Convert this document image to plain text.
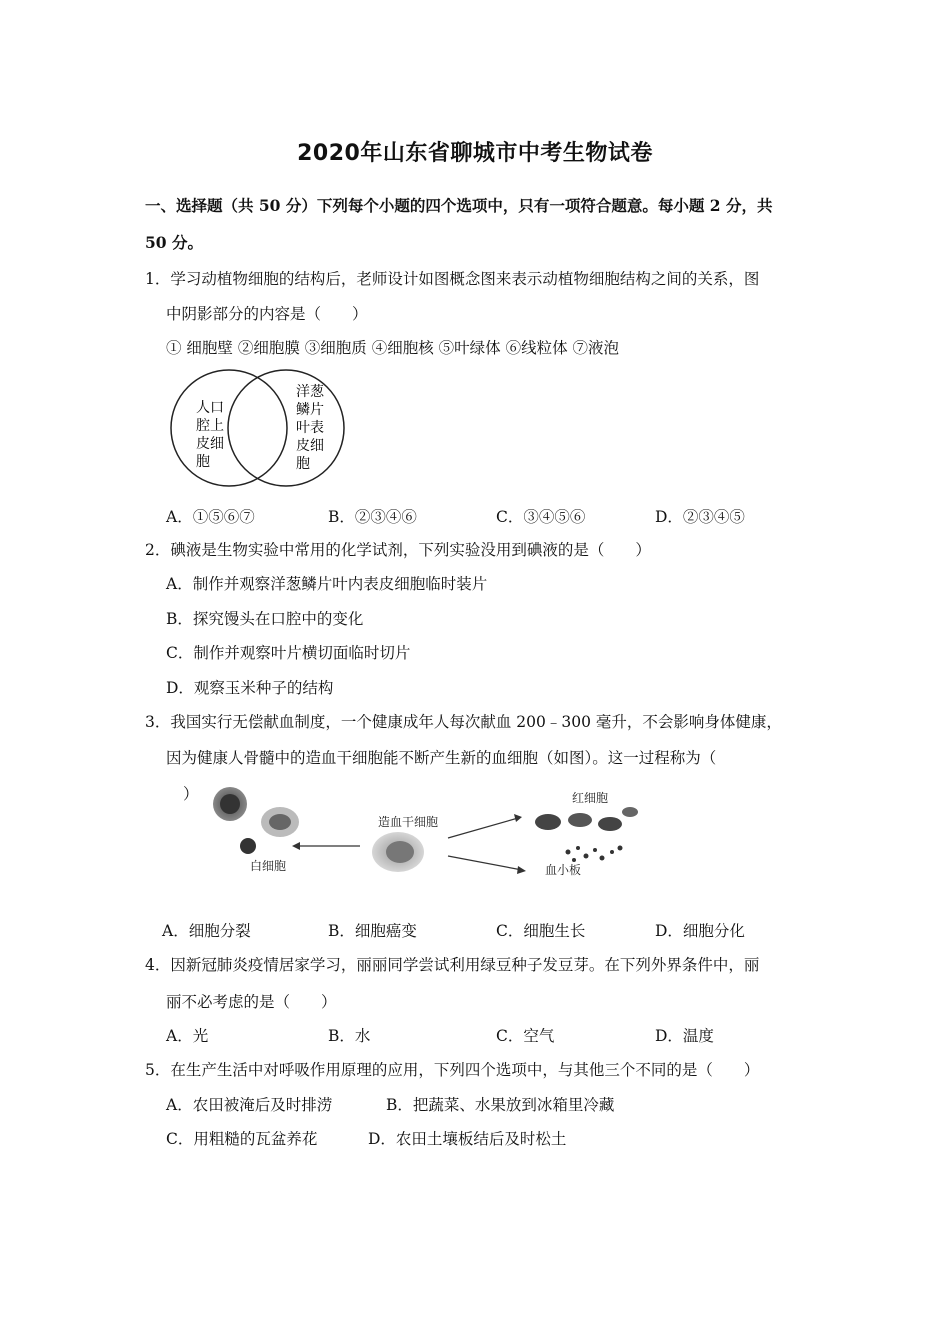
2020年山东省聊城市中考生物试卷
一、选择题（共 50 分）下列每个小题的四个选项中，只有一项符合题意。每小题 2 分，共
50 分。
1．学习动植物细胞的结构后，老师设计如图概念图来表示动植物细胞结构之间的关系，图
中阴影部分的内容是（　　）
① 细胞壁 ②细胞膜 ③细胞质 ④细胞核 ⑤叶绿体 ⑥线粒体 ⑦液泡
人口
腔上
皮细
胞
洋葱
鳞片
叶表
皮细
胞
A．①⑤⑥⑦	B．②③④⑥	C．③④⑤⑥	D．②③④⑤
2．碘液是生物实验中常用的化学试剂，下列实验没用到碘液的是（　　）
A．制作并观察洋葱鳞片叶内表皮细胞临时装片
B．探究馒头在口腔中的变化
C．制作并观察叶片横切面临时切片
D．观察玉米种子的结构
3．我国实行无偿献血制度，一个健康成年人每次献血 200﹣300 毫升，不会影响身体健康，
因为健康人骨髓中的造血干细胞能不断产生新的血细胞（如图）。这一过程称为（
）
白细胞
造血干细胞
红细胞
血小板
A．细胞分裂	B．细胞癌变	C．细胞生长	D．细胞分化
4．因新冠肺炎疫情居家学习，丽丽同学尝试利用绿豆种子发豆芽。在下列外界条件中，丽
丽不必考虑的是（　　）
A．光	B．水	C．空气	D．温度
5．在生产生活中对呼吸作用原理的应用，下列四个选项中，与其他三个不同的是（　　）
A．农田被淹后及时排涝	B．把蔬菜、水果放到冰箱里冷藏
C．用粗糙的瓦盆养花	D．农田土壤板结后及时松土
